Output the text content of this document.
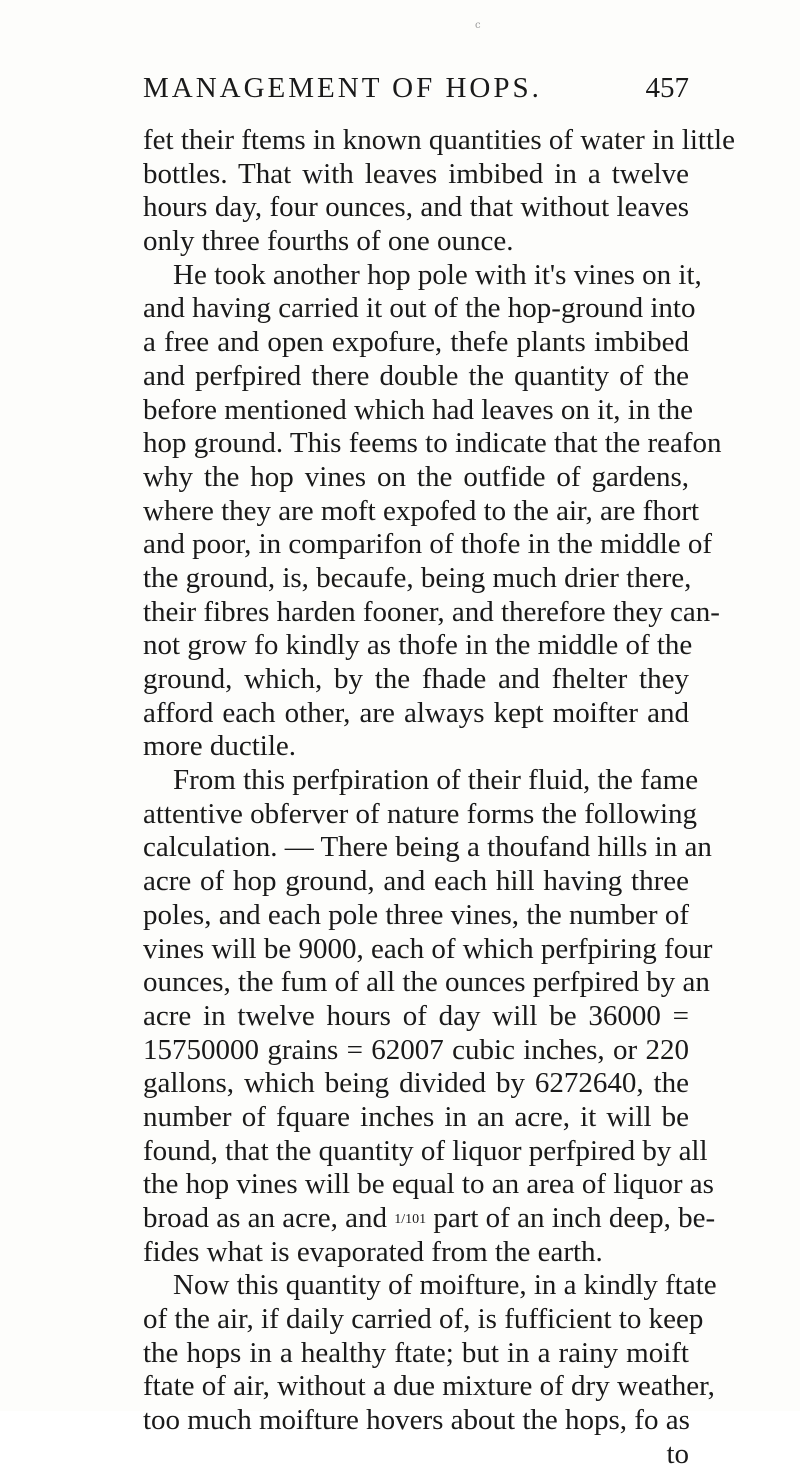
c
MANAGEMENT OF HOPS.	457
fet their ftems in known quantities of water in little
bottles. That with leaves imbibed in a twelve
hours day, four ounces, and that without leaves
only three fourths of one ounce.
He took another hop pole with it's vines on it,
and having carried it out of the hop-ground into
a free and open expofure, thefe plants imbibed
and perfpired there double the quantity of the
before mentioned which had leaves on it, in the
hop ground. This feems to indicate that the reafon
why the hop vines on the outfide of gardens,
where they are moft expofed to the air, are fhort
and poor, in comparifon of thofe in the middle of
the ground, is, becaufe, being much drier there,
their fibres harden fooner, and therefore they can-
not grow fo kindly as thofe in the middle of the
ground, which, by the fhade and fhelter they
afford each other, are always kept moifter and
more ductile.
From this perfpiration of their fluid, the fame
attentive obferver of nature forms the following
calculation. — There being a thoufand hills in an
acre of hop ground, and each hill having three
poles, and each pole three vines, the number of
vines will be 9000, each of which perfpiring four
ounces, the fum of all the ounces perfpired by an
acre in twelve hours of day will be 36000 =
15750000 grains = 62007 cubic inches, or 220
gallons, which being divided by 6272640, the
number of fquare inches in an acre, it will be
found, that the quantity of liquor perfpired by all
the hop vines will be equal to an area of liquor as
broad as an acre, and 1/101 part of an inch deep, be-
fides what is evaporated from the earth.
Now this quantity of moifture, in a kindly ftate
of the air, if daily carried of, is fufficient to keep
the hops in a healthy ftate; but in a rainy moift
ftate of air, without a due mixture of dry weather,
too much moifture hovers about the hops, fo as
to
